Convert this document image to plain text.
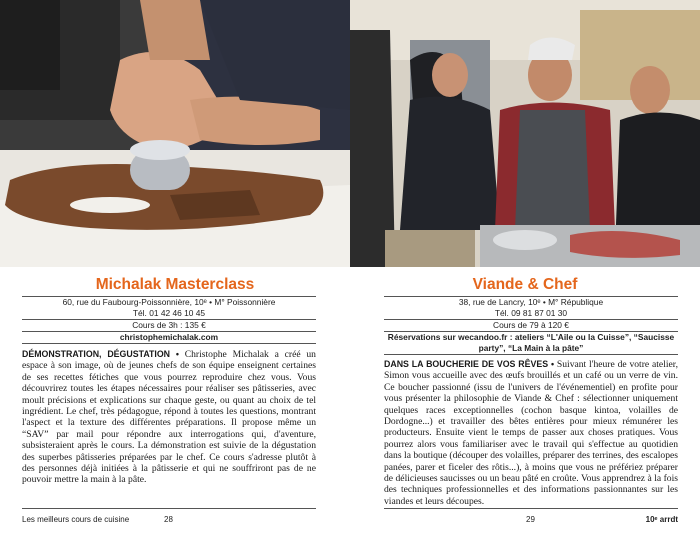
Michalak Masterclass
60, rue du Faubourg-Poissonnière, 10ᵉ • M° Poissonnière
Tél. 01 42 46 10 45
Cours de 3h : 135 €
christophemichalak.com
DÉMONSTRATION, DÉGUSTATION • Christophe Michalak a créé un espace à son image, où de jeunes chefs de son équipe enseignent certaines de ses recettes fétiches que vous pourrez reproduire chez vous. Vous découvrirez toutes les étapes nécessaires pour réaliser ses pâtisseries, avec moult précisions et explications sur chaque geste, ou quant au choix de tel ingrédient. Le chef, très pédagogue, répond à toutes les questions, montrant l'aspect et la texture des différentes préparations. Il propose même un “SAV” par mail pour répondre aux interrogations qui, d'aventure, subsisteraient après le cours. La démonstration est suivie de la dégustation des superbes pâtisseries préparées par le chef. Ce cours s'adresse plutôt à des personnes déjà initiées à la pâtisserie et qui ne souffriront pas de ne pouvoir mettre la main à la pâte.
Les meilleurs cours de cuisine	28
Viande & Chef
38, rue de Lancry, 10ᵉ • M° République
Tél. 09 81 87 01 30
Cours de 79 à 120 €
Réservations sur wecandoo.fr : ateliers “L'Aile ou la Cuisse”, “Saucisse party”, “La Main à la pâte”
DANS LA BOUCHERIE DE VOS RÊVES • Suivant l'heure de votre atelier, Simon vous accueille avec des œufs brouillés et un café ou un verre de vin. Ce boucher passionné (issu de l'univers de l'événementiel) en profite pour vous présenter la philosophie de Viande & Chef : sélectionner uniquement quelques races exceptionnelles (cochon basque kintoa, volailles de Dordogne...) et travailler des bêtes entières pour mieux rémunérer les producteurs. Ensuite vient le temps de passer aux choses pratiques. Vous pourrez alors vous familiariser avec le travail qui s'effectue au quotidien dans la boutique (découper des volailles, préparer des terrines, des escalopes panées, parer et ficeler des rôtis...), à moins que vous ne préfériez préparer de délicieuses saucisses ou un beau pâté en croûte. Vous apprendrez à la fois des techniques professionnelles et des informations passionnantes sur les viandes et leurs découpes.
29	10ᵉ arrdt
